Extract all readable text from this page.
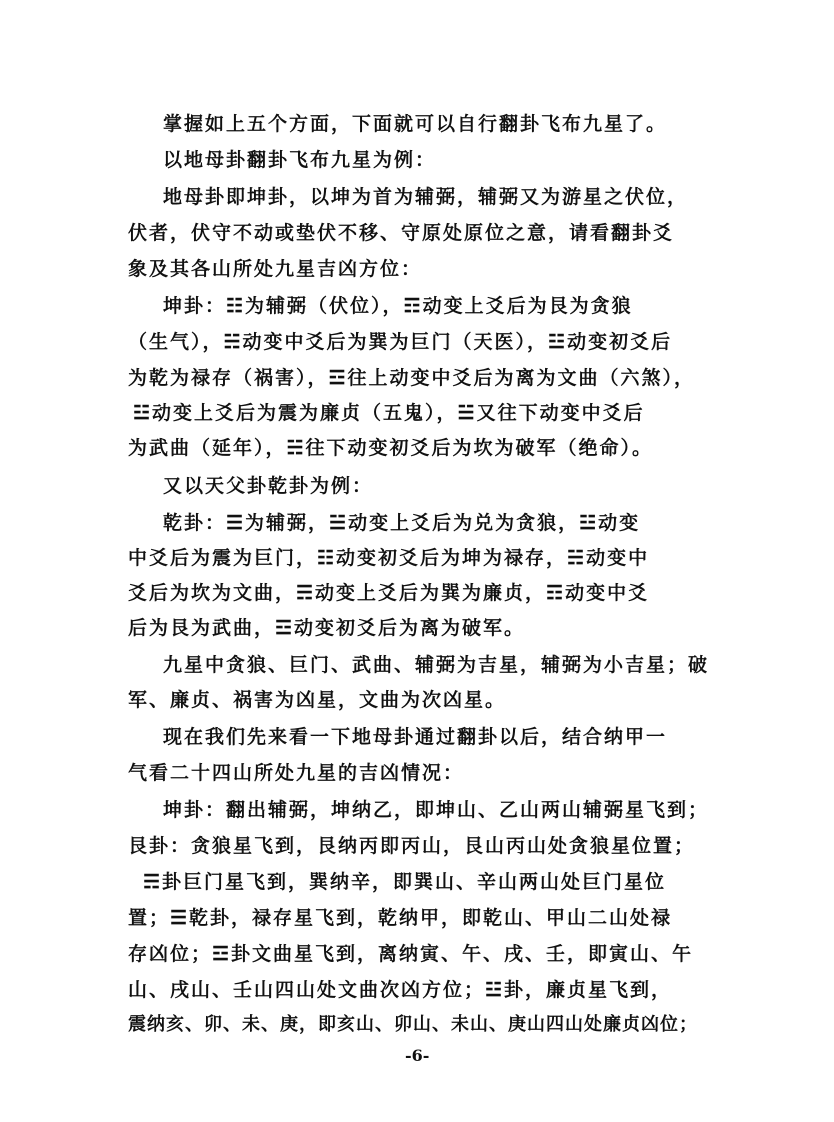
掌握如上五个方面，下面就可以自行翻卦飞布九星了。
以地母卦翻卦飞布九星为例：
地母卦即坤卦，以坤为首为辅弼，辅弼又为游星之伏位，
伏者，伏守不动或垫伏不移、守原处原位之意，请看翻卦爻
象及其各山所处九星吉凶方位：
坤卦：☷为辅弼（伏位），☶动变上爻后为艮为贪狼
（生气），☵动变中爻后为巽为巨门（天医），☳动变初爻后
为乾为禄存（祸害），☲往上动变中爻后为离为文曲（六煞），
☳动变上爻后为震为廉贞（五鬼），☱又往下动变中爻后
为武曲（延年），☵往下动变初爻后为坎为破军（绝命）。
又以天父卦乾卦为例：
乾卦：☰为辅弼，☱动变上爻后为兑为贪狼，☳动变
中爻后为震为巨门，☷动变初爻后为坤为禄存，☵动变中
爻后为坎为文曲，☴动变上爻后为巽为廉贞，☶动变中爻
后为艮为武曲，☲动变初爻后为离为破军。
九星中贪狼、巨门、武曲、辅弼为吉星，辅弼为小吉星；破
军、廉贞、祸害为凶星，文曲为次凶星。
现在我们先来看一下地母卦通过翻卦以后，结合纳甲一
气看二十四山所处九星的吉凶情况：
坤卦：翻出辅弼，坤纳乙，即坤山、乙山两山辅弼星飞到；
艮卦：贪狼星飞到，艮纳丙即丙山，艮山丙山处贪狼星位置；
☴卦巨门星飞到，巽纳辛，即巽山、辛山两山处巨门星位
置；☰乾卦，禄存星飞到，乾纳甲，即乾山、甲山二山处禄
存凶位；☲卦文曲星飞到，离纳寅、午、戌、壬，即寅山、午
山、戌山、壬山四山处文曲次凶方位；☳卦，廉贞星飞到，
震纳亥、卯、未、庚，即亥山、卯山、未山、庚山四山处廉贞凶位；
-6-
